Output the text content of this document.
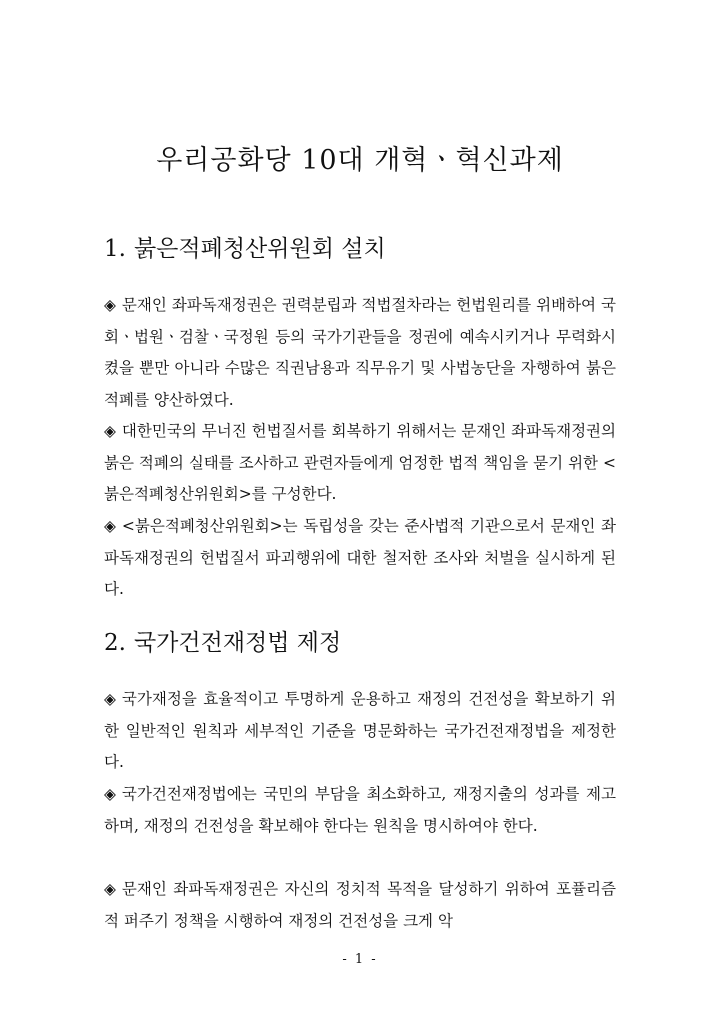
우리공화당 10대 개혁ㆍ혁신과제
1. 붉은적폐청산위원회 설치

◈ 문재인 좌파독재정권은 권력분립과 적법절차라는 헌법원리를 위배하여 국회ㆍ법원ㆍ검찰ㆍ국정원 등의 국가기관들을 정권에 예속시키거나 무력화시켰을 뿐만 아니라 수많은 직권남용과 직무유기 및 사법농단을 자행하여 붉은 적폐를 양산하였다.

◈ 대한민국의 무너진 헌법질서를 회복하기 위해서는 문재인 좌파독재정권의 붉은 적폐의 실태를 조사하고 관련자들에게 엄정한 법적 책임을 묻기 위한 <붉은적폐청산위원회>를 구성한다.

◈ <붉은적폐청산위원회>는 독립성을 갖는 준사법적 기관으로서 문재인 좌파독재정권의 헌법질서 파괴행위에 대한 철저한 조사와 처벌을 실시하게 된다.

2. 국가건전재정법 제정

◈ 국가재정을 효율적이고 투명하게 운용하고 재정의 건전성을 확보하기 위한 일반적인 원칙과 세부적인 기준을 명문화하는 국가건전재정법을 제정한다.

◈ 국가건전재정법에는 국민의 부담을 최소화하고, 재정지출의 성과를 제고하며, 재정의 건전성을 확보해야 한다는 원칙을 명시하여야 한다.

◈ 문재인 좌파독재정권은 자신의 정치적 목적을 달성하기 위하여 포퓰리즘적 퍼주기 정책을 시행하여 재정의 건전성을 크게 악

- 1 -
